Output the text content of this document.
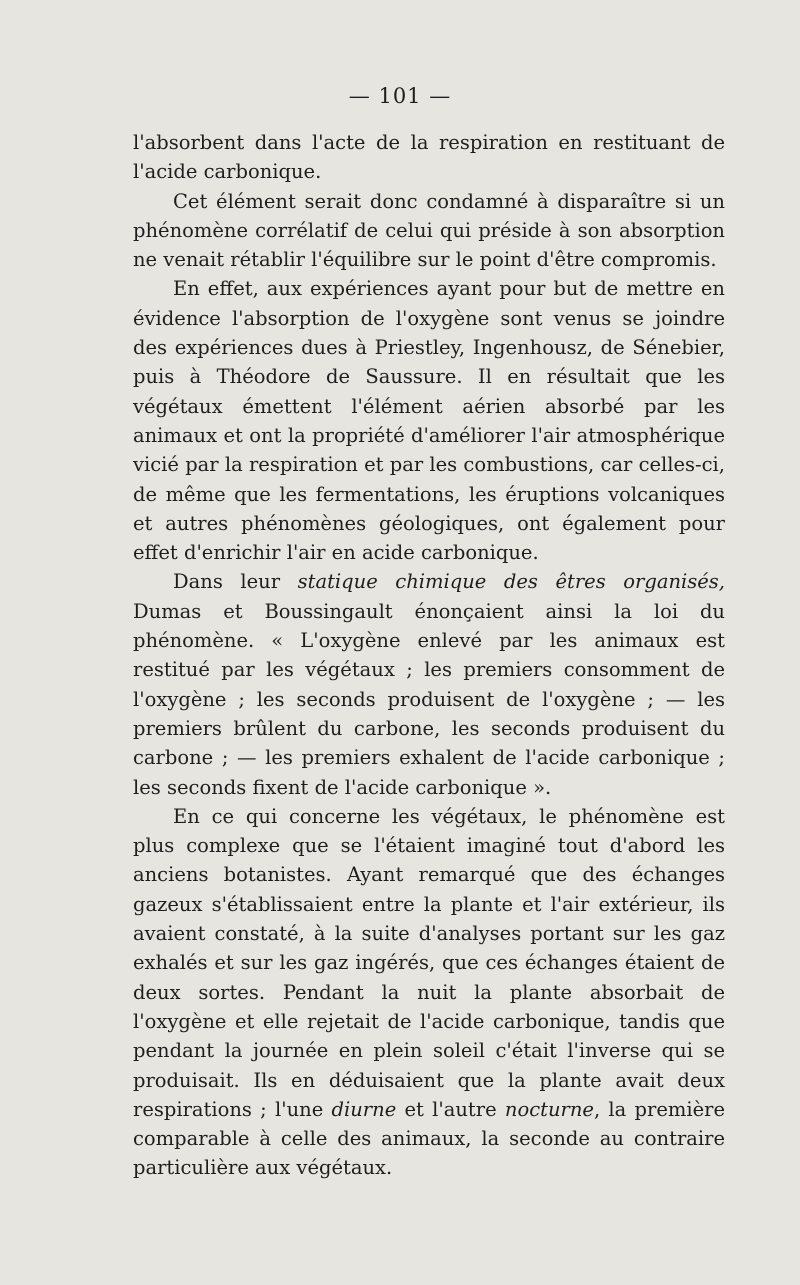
— 101 —

l'absorbent dans l'acte de la respiration en restituant de l'acide carbonique.

Cet élément serait donc condamné à disparaître si un phénomène corrélatif de celui qui préside à son absorption ne venait rétablir l'équilibre sur le point d'être compromis.

En effet, aux expériences ayant pour but de mettre en évidence l'absorption de l'oxygène sont venus se joindre des expériences dues à Priestley, Ingenhousz, de Sénebier, puis à Théodore de Saussure. Il en résultait que les végétaux émettent l'élément aérien absorbé par les animaux et ont la propriété d'améliorer l'air atmosphérique vicié par la respiration et par les combustions, car celles-ci, de même que les fermentations, les éruptions volcaniques et autres phénomènes géologiques, ont également pour effet d'enrichir l'air en acide carbonique.

Dans leur statique chimique des êtres organisés, Dumas et Boussingault énonçaient ainsi la loi du phénomène. « L'oxygène enlevé par les animaux est restitué par les végétaux ; les premiers consomment de l'oxygène ; les seconds produisent de l'oxygène ; — les premiers brûlent du carbone, les seconds produisent du carbone ; — les premiers exhalent de l'acide carbonique ; les seconds fixent de l'acide carbonique ».

En ce qui concerne les végétaux, le phénomène est plus complexe que se l'étaient imaginé tout d'abord les anciens botanistes. Ayant remarqué que des échanges gazeux s'établissaient entre la plante et l'air extérieur, ils avaient constaté, à la suite d'analyses portant sur les gaz exhalés et sur les gaz ingérés, que ces échanges étaient de deux sortes. Pendant la nuit la plante absorbait de l'oxygène et elle rejetait de l'acide carbonique, tandis que pendant la journée en plein soleil c'était l'inverse qui se produisait. Ils en déduisaient que la plante avait deux respirations ; l'une diurne et l'autre nocturne, la première comparable à celle des animaux, la seconde au contraire particulière aux végétaux.
